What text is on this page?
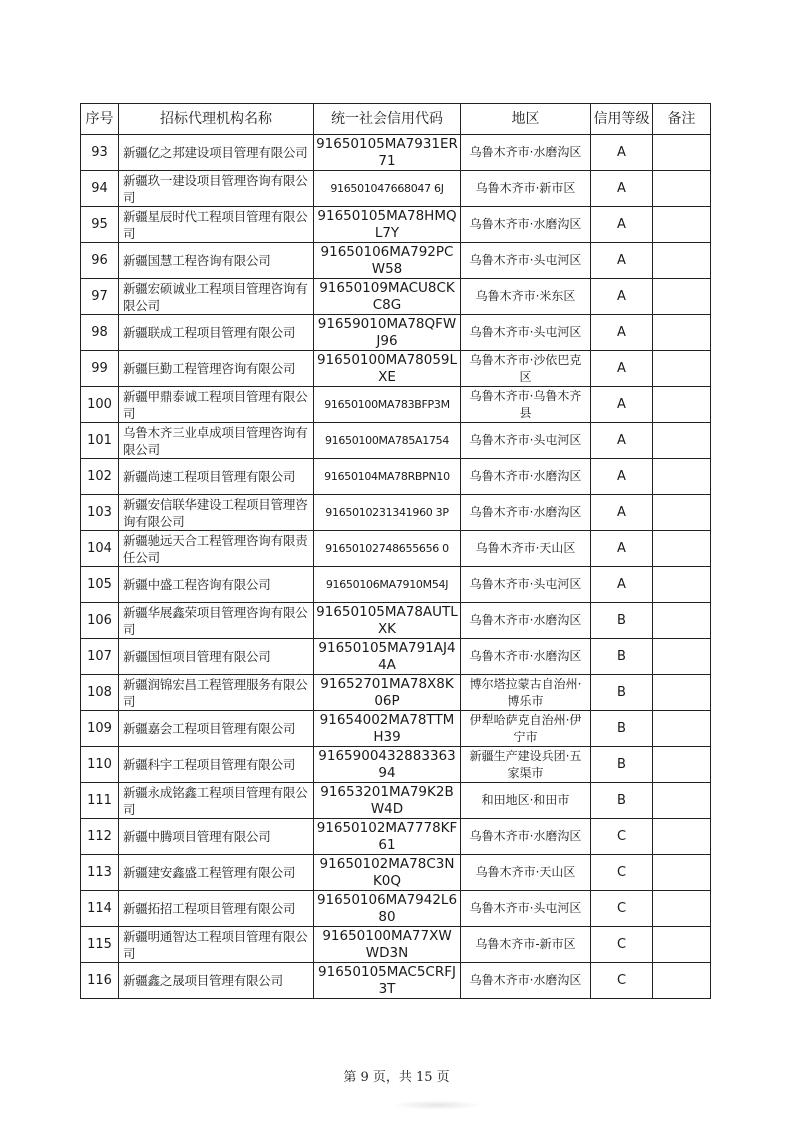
序号	招标代理机构名称	统一社会信用代码	地区	信用等级	备注
93	新疆亿之邦建设项目管理有限公司	91650105MA7931ER71	乌鲁木齐市·水磨沟区	A	
94	新疆玖一建设项目管理咨询有限公司	916501047668047 6J	乌鲁木齐市·新市区	A	
95	新疆星辰时代工程项目管理有限公司	91650105MA78HMQL7Y	乌鲁木齐市·水磨沟区	A	
96	新疆国慧工程咨询有限公司	91650106MA792PCW58	乌鲁木齐市·头屯河区	A	
97	新疆宏硕诚业工程项目管理咨询有限公司	91650109MACU8CKC8G	乌鲁木齐市·米东区	A	
98	新疆联成工程项目管理有限公司	91659010MA78QFWJ96	乌鲁木齐市·头屯河区	A	
99	新疆巨勤工程管理咨询有限公司	91650100MA78059LXE	乌鲁木齐市·沙依巴克区	A	
100	新疆甲鼎泰诚工程项目管理有限公司	91650100MA783BFP3M	乌鲁木齐市·乌鲁木齐县	A	
101	乌鲁木齐三业卓成项目管理咨询有限公司	91650100MA785A1754	乌鲁木齐市·头屯河区	A	
102	新疆尚速工程项目管理有限公司	91650104MA78RBPN10	乌鲁木齐市·水磨沟区	A	
103	新疆安信联华建设工程项目管理咨询有限公司	9165010231341960 3P	乌鲁木齐市·水磨沟区	A	
104	新疆驰远天合工程管理咨询有限责任公司	91650102748655656 0	乌鲁木齐市·天山区	A	
105	新疆中盛工程咨询有限公司	91650106MA7910M54J	乌鲁木齐市·头屯河区	A	
106	新疆华展鑫荣项目管理咨询有限公司	91650105MA78AUTLXK	乌鲁木齐市·水磨沟区	B	
107	新疆国恒项目管理有限公司	91650105MA791AJ44A	乌鲁木齐市·水磨沟区	B	
108	新疆润锦宏昌工程管理服务有限公司	91652701MA78X8K06P	博尔塔拉蒙古自治州·博乐市	B	
109	新疆嘉会工程项目管理有限公司	91654002MA78TTMH39	伊犁哈萨克自治州·伊宁市	B	
110	新疆科宇工程项目管理有限公司	916590043288336394	新疆生产建设兵团·五家渠市	B	
111	新疆永成铭鑫工程项目管理有限公司	91653201MA79K2BW4D	和田地区·和田市	B	
112	新疆中腾项目管理有限公司	91650102MA7778KF61	乌鲁木齐市·水磨沟区	C	
113	新疆建安鑫盛工程管理有限公司	91650102MA78C3NK0Q	乌鲁木齐市·天山区	C	
114	新疆拓招工程项目管理有限公司	91650106MA7942L680	乌鲁木齐市·头屯河区	C	
115	新疆明通智达工程项目管理有限公司	91650100MA77XWWD3N	乌鲁木齐市-新市区	C	
116	新疆鑫之晟项目管理有限公司	91650105MAC5CRFJ3T	乌鲁木齐市·水磨沟区	C	
第 9 页，共 15 页
